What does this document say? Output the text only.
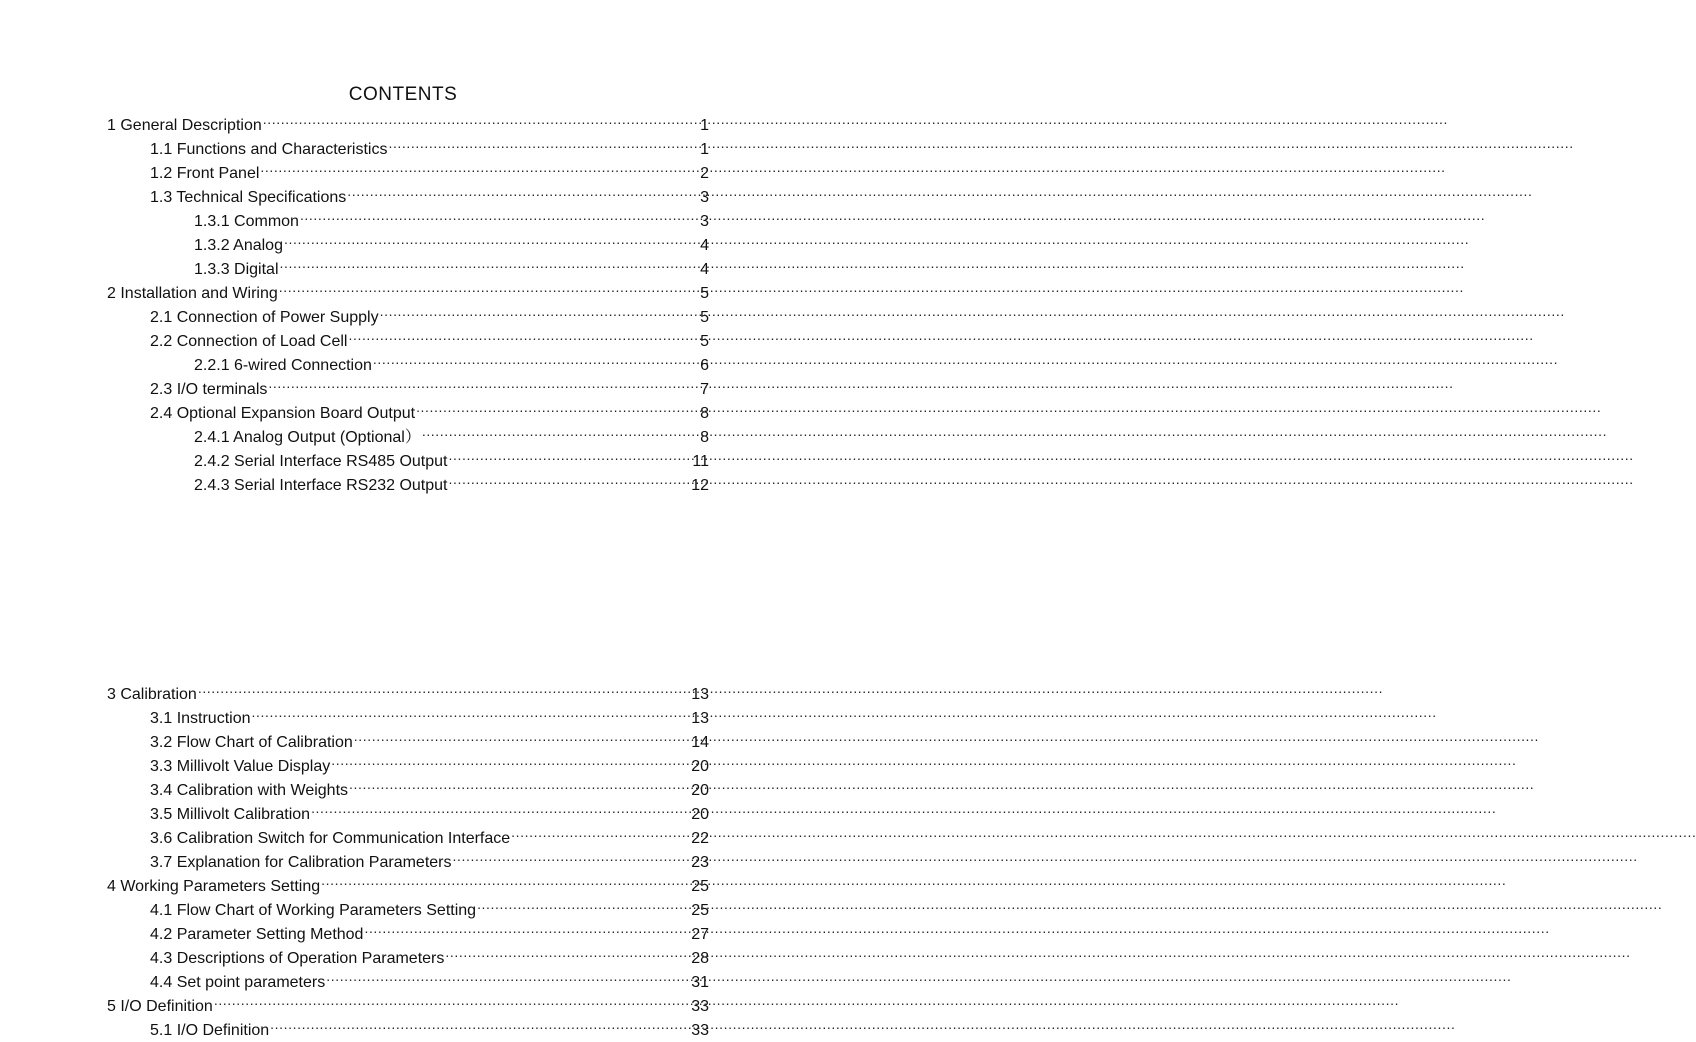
CONTENTS
1 General Description .....	1
1.1 Functions and Characteristics .....	1
1.2 Front Panel .....	2
1.3 Technical Specifications .....	3
1.3.1 Common .....	3
1.3.2 Analog .....	4
1.3.3 Digital .....	4
2 Installation and Wiring .....	5
2.1 Connection of Power Supply .....	5
2.2 Connection of Load Cell .....	5
2.2.1 6-wired Connection .....	6
2.3 I/O terminals .....	7
2.4 Optional Expansion Board Output .....	8
2.4.1 Analog Output (Optional） .....	8
2.4.2 Serial Interface RS485 Output .....	11
2.4.3 Serial Interface RS232 Output .....	12
3 Calibration .....	13
3.1 Instruction .....	13
3.2 Flow Chart of Calibration .....	14
3.3 Millivolt Value Display .....	20
3.4 Calibration with Weights .....	20
3.5 Millivolt Calibration .....	20
3.6 Calibration Switch for Communication Interface .....	22
3.7 Explanation for Calibration Parameters .....	23
4 Working Parameters Setting .....	25
4.1 Flow Chart of Working Parameters Setting .....	25
4.2 Parameter Setting Method .....	27
4.3 Descriptions of Operation Parameters .....	28
4.4 Set point parameters .....	31
5 I/O Definition .....	33
5.1 I/O Definition .....	33
